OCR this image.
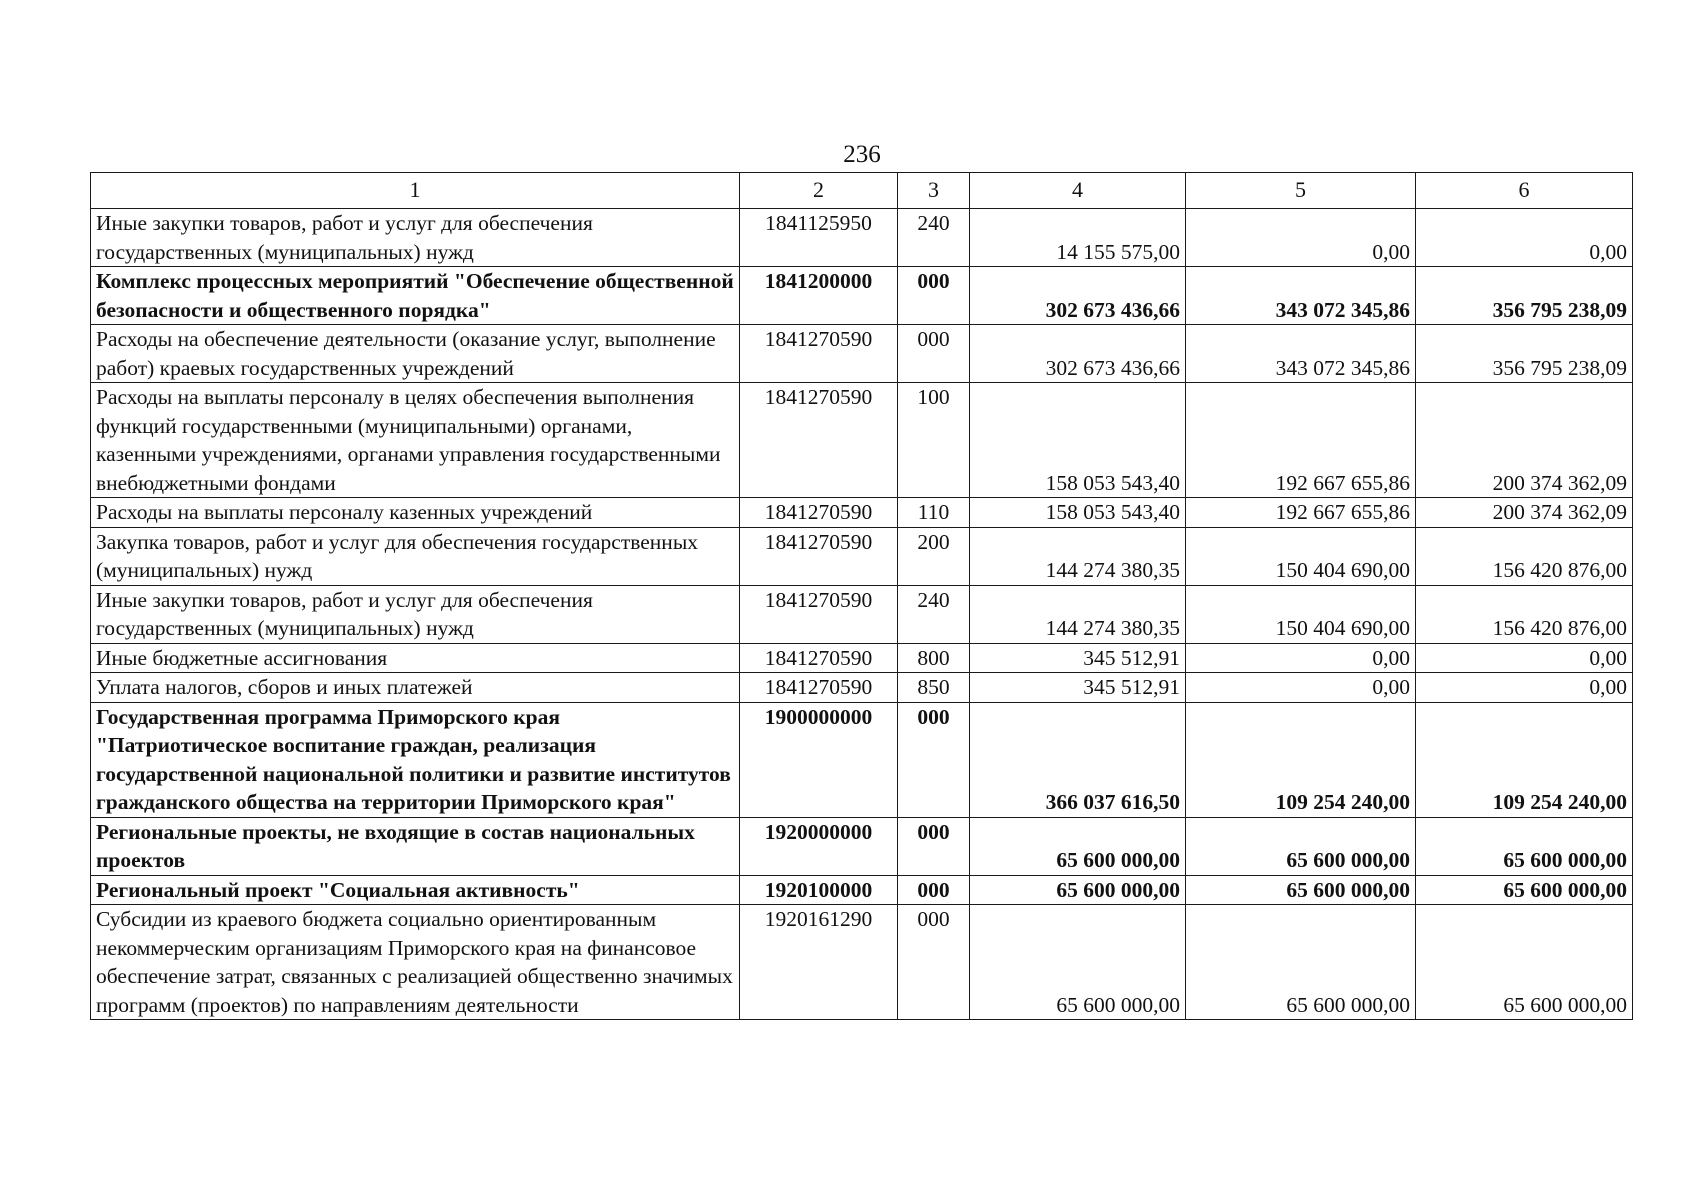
236
1	2	3	4	5	6
Иные закупки товаров, работ и услуг для обеспечения государственных (муниципальных) нужд	1841125950	240	14 155 575,00	0,00	0,00
Комплекс процессных мероприятий "Обеспечение общественной безопасности и общественного порядка"	1841200000	000	302 673 436,66	343 072 345,86	356 795 238,09
Расходы на обеспечение деятельности (оказание услуг, выполнение работ) краевых государственных учреждений	1841270590	000	302 673 436,66	343 072 345,86	356 795 238,09
Расходы на выплаты персоналу в целях обеспечения выполнения функций государственными (муниципальными) органами, казенными учреждениями, органами управления государственными внебюджетными фондами	1841270590	100	158 053 543,40	192 667 655,86	200 374 362,09
Расходы на выплаты персоналу казенных учреждений	1841270590	110	158 053 543,40	192 667 655,86	200 374 362,09
Закупка товаров, работ и услуг для обеспечения государственных (муниципальных) нужд	1841270590	200	144 274 380,35	150 404 690,00	156 420 876,00
Иные закупки товаров, работ и услуг для обеспечения государственных (муниципальных) нужд	1841270590	240	144 274 380,35	150 404 690,00	156 420 876,00
Иные бюджетные ассигнования	1841270590	800	345 512,91	0,00	0,00
Уплата налогов, сборов и иных платежей	1841270590	850	345 512,91	0,00	0,00
Государственная программа Приморского края "Патриотическое воспитание граждан, реализация государственной национальной политики и развитие институтов гражданского общества на территории Приморского края"	1900000000	000	366 037 616,50	109 254 240,00	109 254 240,00
Региональные проекты, не входящие в состав национальных проектов	1920000000	000	65 600 000,00	65 600 000,00	65 600 000,00
Региональный проект "Социальная активность"	1920100000	000	65 600 000,00	65 600 000,00	65 600 000,00
Субсидии из краевого бюджета социально ориентированным некоммерческим организациям Приморского края на финансовое обеспечение затрат, связанных с реализацией общественно значимых программ (проектов) по направлениям деятельности	1920161290	000	65 600 000,00	65 600 000,00	65 600 000,00
